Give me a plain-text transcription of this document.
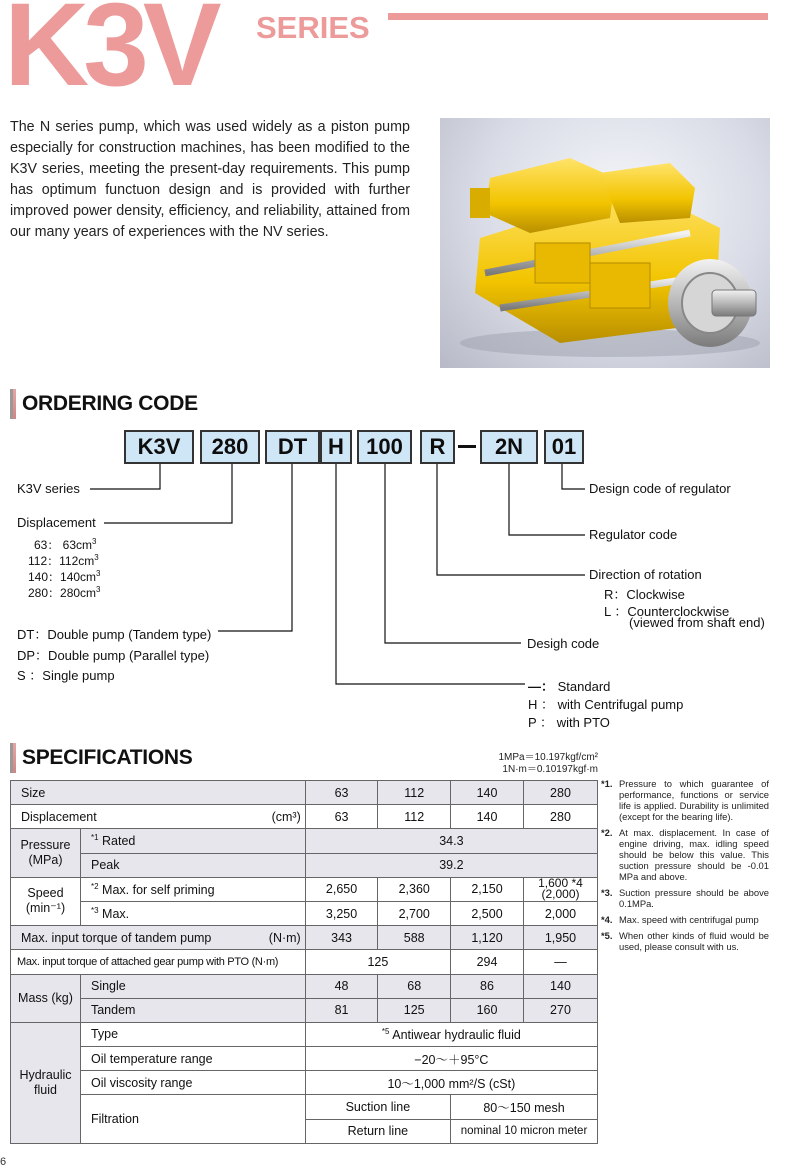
K3V SERIES

The N series pump, which was used widely as a piston pump especially for construction machines, has been modified to the K3V series, meeting the present-day requirements. This pump has optimum functuon design and is provided with further improved power density, efficiency, and reliability, attained from our many years of experiences with the NV series.

ORDERING CODE
K3V	280	DT H	100	R	2N	01
K3V series
Displacement
63： $63cm^3$
112：$112cm^3$
140：$140cm^3$
280：$280cm^3$
DT：Double pump (Tandem type)
DP：Double pump (Parallel type)
S ：Single pump
—： Standard
H ： with Centrifugal pump
P ： with PTO
Desigh code
Direction of rotation
R：Clockwise
L ：Counterclockwise
(viewed from shaft end)
Regulator code
Design code of regulator
SPECIFICATIONS	1MPa＝10.197kgf/cm²
1N·m＝0.10197kgf·m
Size			63	112	140	280
Displacement		(cm³)	63	112	140	280
Pressure (MPa)	$^{*1}$ Rated		34.3			
	Peak		39.2			
Speed (min⁻¹)	$^{*2}$ Max. for self priming		2,650	2,360	2,150	1,600 *4
(2,000)

	$^{*3}$ Max.		3,250	2,700	2,500	2,000
Max. input torque of tandem pump		(N·m)	343	588	1,120	1,950
Max. input torque of attached gear pump with PTO (N·m)			125		294	—
Mass (kg)	Single		48	68	86	140
	Tandem		81	125	160	270
Hydraulic fluid	Type		$^{*5}$ Antiwear hydraulic fluid			
	Oil temperature range		−20～＋95°C			
	Oil viscosity range		10～1,000 mm²/S (cSt)			
	Filtration		Suction line		80～150 mesh	
			Return line		nominal 10 micron meter	
*1. Pressure to which guarantee of performance, functions or service life is applied. Durability is unlimited (except for the bearing life).
*2. At max. displacement. In case of engine driving, max. idling speed should be below this value. This suction pressure should be -0.01 MPa and above.
*3. Suction pressure should be above 0.1MPa.
*4. Max. speed with centrifugal pump
*5. When other kinds of fluid would be used, please consult with us.
6
